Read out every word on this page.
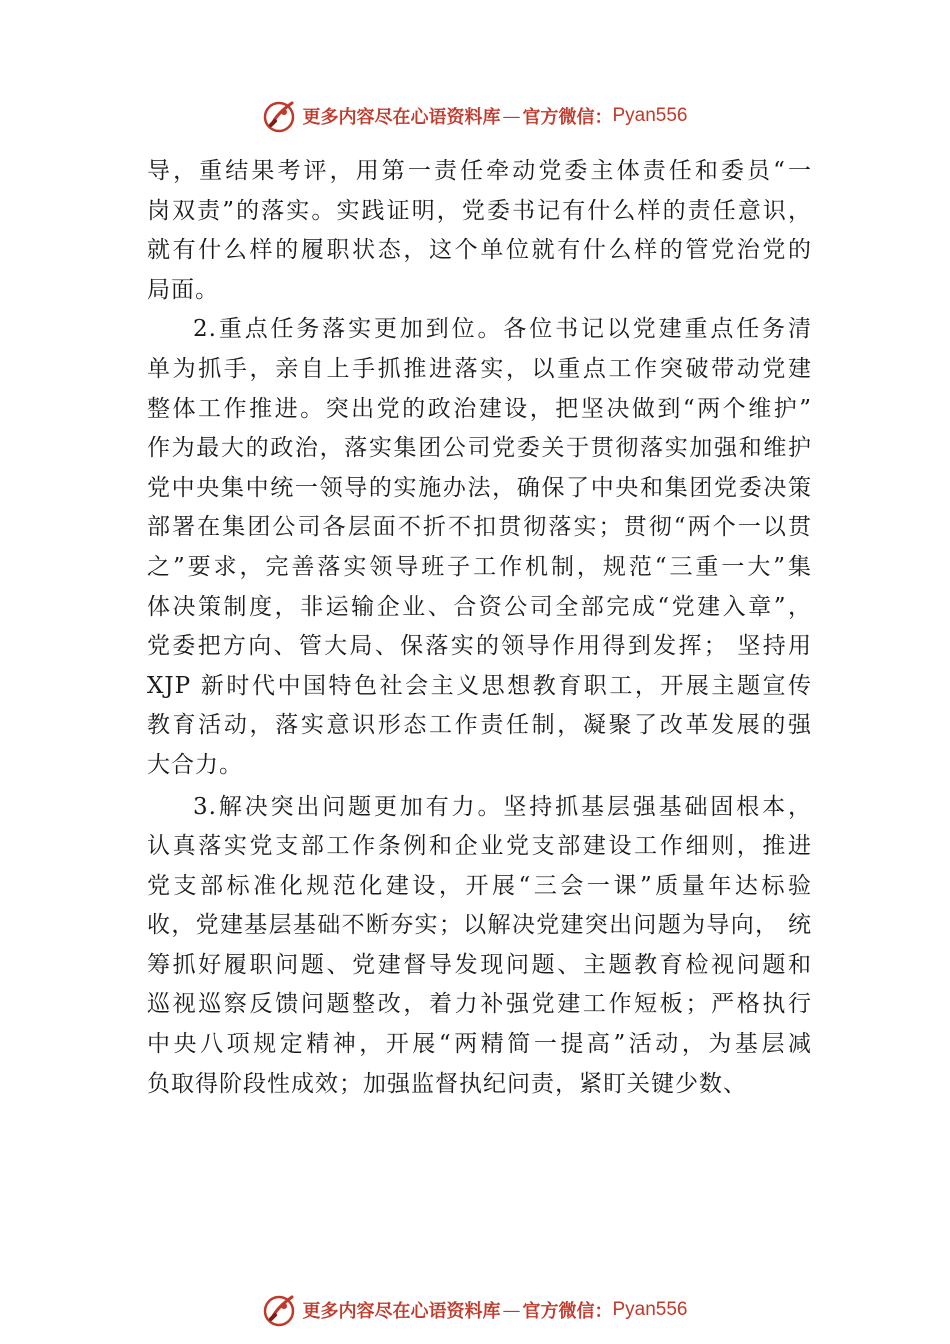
更多内容尽在心语资料库 — 官方微信： Pyan556
导，重结果考评，用第一责任牵动党委主体责任和委员“一
岗双责”的落实。实践证明，党委书记有什么样的责任意识，
就有什么样的履职状态，这个单位就有什么样的管党治党的
局面。
2.重点任务落实更加到位。各位书记以党建重点任务清
单为抓手，亲自上手抓推进落实，以重点工作突破带动党建
整体工作推进。突出党的政治建设，把坚决做到“两个维护”
作为最大的政治，落实集团公司党委关于贯彻落实加强和维护
党中央集中统一领导的实施办法，确保了中央和集团党委决策
部署在集团公司各层面不折不扣贯彻落实；贯彻“两个一以贯
之”要求，完善落实领导班子工作机制，规范“三重一大”集
体决策制度，非运输企业、合资公司全部完成“党建入章”，
党委把方向、管大局、保落实的领导作用得到发挥； 坚持用
XJP 新时代中国特色社会主义思想教育职工，开展主题宣传
教育活动，落实意识形态工作责任制，凝聚了改革发展的强
大合力。
3.解决突出问题更加有力。坚持抓基层强基础固根本，
认真落实党支部工作条例和企业党支部建设工作细则，推进
党支部标准化规范化建设，开展“三会一课”质量年达标验
收，党建基层基础不断夯实；以解决党建突出问题为导向， 统
筹抓好履职问题、党建督导发现问题、主题教育检视问题和
巡视巡察反馈问题整改，着力补强党建工作短板；严格执行
中央八项规定精神，开展“两精简一提高”活动，为基层减
负取得阶段性成效；加强监督执纪问责，紧盯关键少数、
更多内容尽在心语资料库 — 官方微信： Pyan556
